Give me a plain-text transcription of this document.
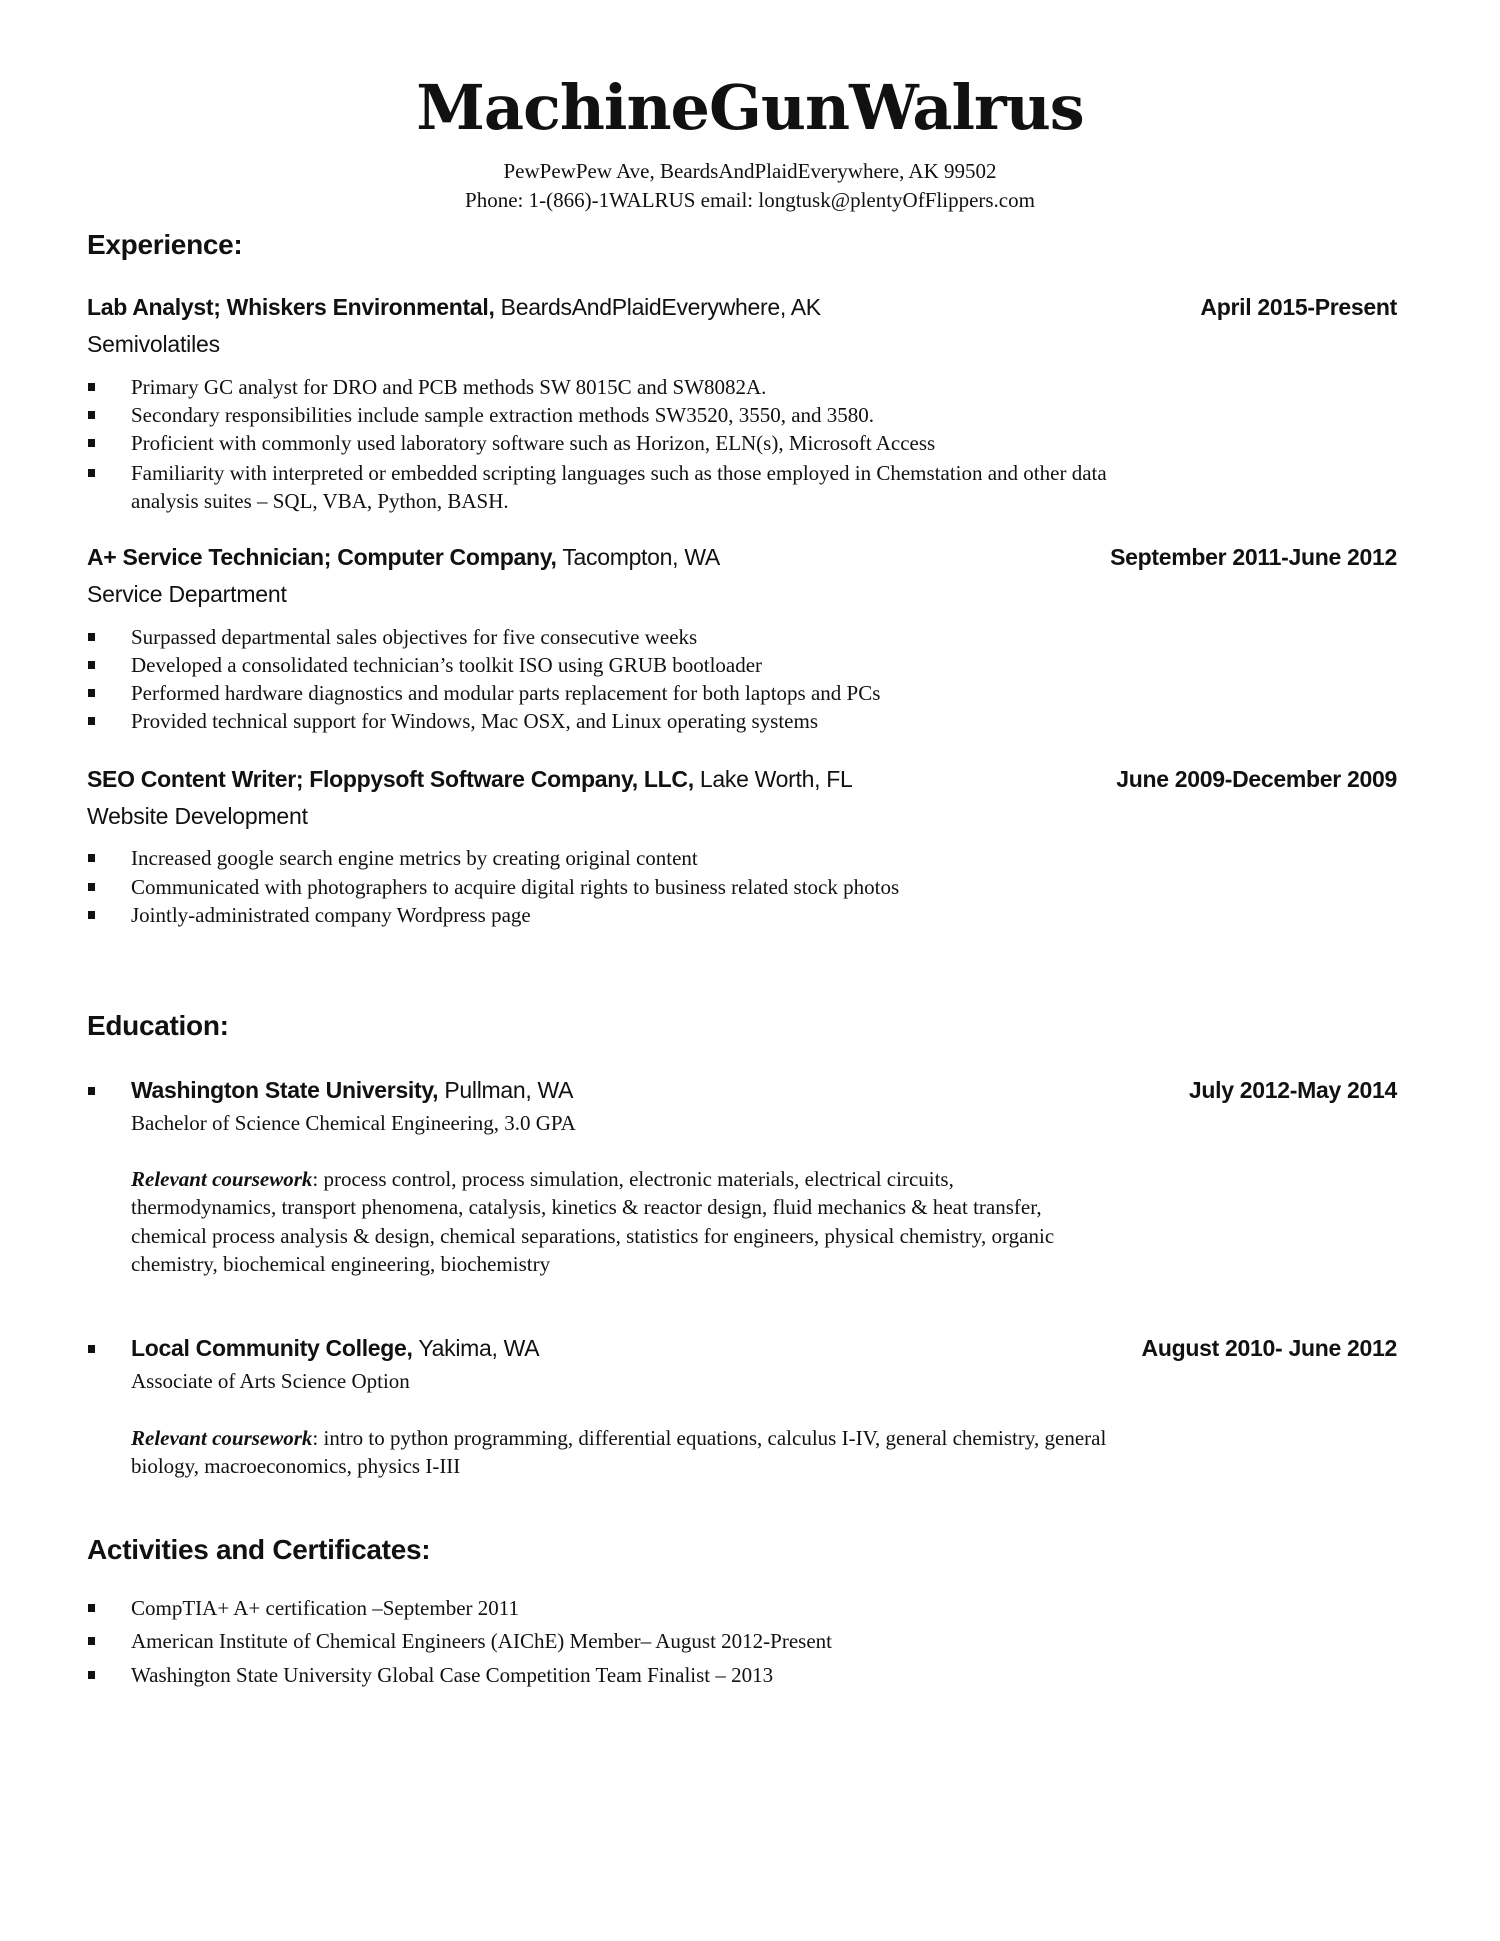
MachineGunWalrus
PewPewPew Ave, BeardsAndPlaidEverywhere, AK 99502
Phone: 1-(866)-1WALRUS email: longtusk@plentyOfFlippers.com
Experience:
Lab Analyst; Whiskers Environmental, BeardsAndPlaidEverywhere, AK	April 2015-Present
Semivolatiles
Primary GC analyst for DRO and PCB methods SW 8015C and SW8082A.
Secondary responsibilities include sample extraction methods SW3520, 3550, and 3580.
Proficient with commonly used laboratory software such as Horizon, ELN(s), Microsoft Access
Familiarity with interpreted or embedded scripting languages such as those employed in Chemstation and other data
analysis suites – SQL, VBA, Python, BASH.
A+ Service Technician; Computer Company, Tacompton, WA	September 2011-June 2012
Service Department
Surpassed departmental sales objectives for five consecutive weeks
Developed a consolidated technician’s toolkit ISO using GRUB bootloader
Performed hardware diagnostics and modular parts replacement for both laptops and PCs
Provided technical support for Windows, Mac OSX, and Linux operating systems
SEO Content Writer; Floppysoft Software Company, LLC, Lake Worth, FL	June 2009-December 2009
Website Development
Increased google search engine metrics by creating original content
Communicated with photographers to acquire digital rights to business related stock photos
Jointly-administrated company Wordpress page
Education:
Washington State University, Pullman, WA	July 2012-May 2014
Bachelor of Science Chemical Engineering, 3.0 GPA
Relevant coursework: process control, process simulation, electronic materials, electrical circuits,
thermodynamics, transport phenomena, catalysis, kinetics & reactor design, fluid mechanics & heat transfer,
chemical process analysis & design, chemical separations, statistics for engineers, physical chemistry, organic
chemistry, biochemical engineering, biochemistry
Local Community College, Yakima, WA	August 2010- June 2012
Associate of Arts Science Option
Relevant coursework: intro to python programming, differential equations, calculus I-IV, general chemistry, general
biology, macroeconomics, physics I-III
Activities and Certificates:
CompTIA+ A+ certification –September 2011
American Institute of Chemical Engineers (AIChE) Member– August 2012-Present
Washington State University Global Case Competition Team Finalist – 2013
